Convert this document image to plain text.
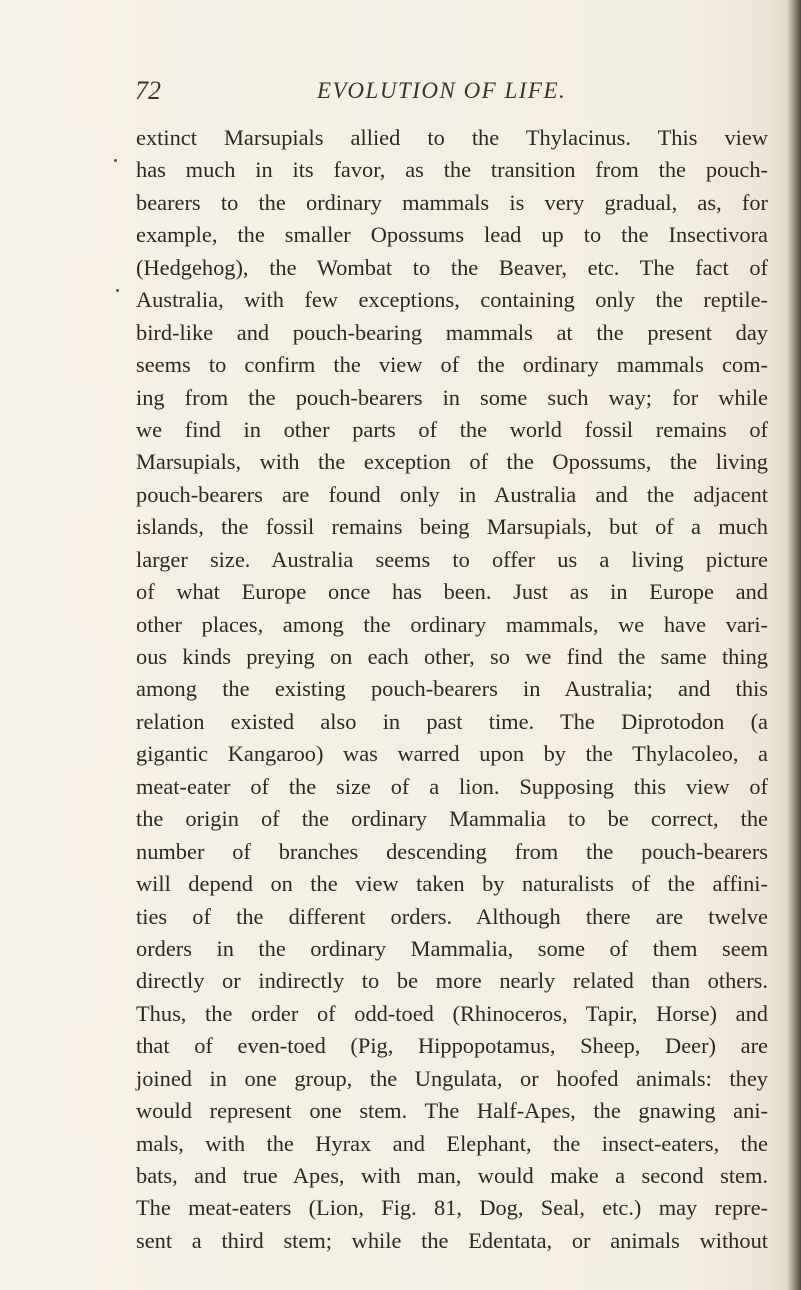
72	EVOLUTION OF LIFE.
extinct Marsupials allied to the Thylacinus. This view
has much in its favor, as the transition from the pouch-
bearers to the ordinary mammals is very gradual, as, for
example, the smaller Opossums lead up to the Insectivora
(Hedgehog), the Wombat to the Beaver, etc. The fact of
Australia, with few exceptions, containing only the reptile-
bird-like and pouch-bearing mammals at the present day
seems to confirm the view of the ordinary mammals com-
ing from the pouch-bearers in some such way; for while
we find in other parts of the world fossil remains of
Marsupials, with the exception of the Opossums, the living
pouch-bearers are found only in Australia and the adjacent
islands, the fossil remains being Marsupials, but of a much
larger size. Australia seems to offer us a living picture
of what Europe once has been. Just as in Europe and
other places, among the ordinary mammals, we have vari-
ous kinds preying on each other, so we find the same thing
among the existing pouch-bearers in Australia; and this
relation existed also in past time. The Diprotodon (a
gigantic Kangaroo) was warred upon by the Thylacoleo, a
meat-eater of the size of a lion. Supposing this view of
the origin of the ordinary Mammalia to be correct, the
number of branches descending from the pouch-bearers
will depend on the view taken by naturalists of the affini-
ties of the different orders. Although there are twelve
orders in the ordinary Mammalia, some of them seem
directly or indirectly to be more nearly related than others.
Thus, the order of odd-toed (Rhinoceros, Tapir, Horse) and
that of even-toed (Pig, Hippopotamus, Sheep, Deer) are
joined in one group, the Ungulata, or hoofed animals: they
would represent one stem. The Half-Apes, the gnawing ani-
mals, with the Hyrax and Elephant, the insect-eaters, the
bats, and true Apes, with man, would make a second stem.
The meat-eaters (Lion, Fig. 81, Dog, Seal, etc.) may repre-
sent a third stem; while the Edentata, or animals without
